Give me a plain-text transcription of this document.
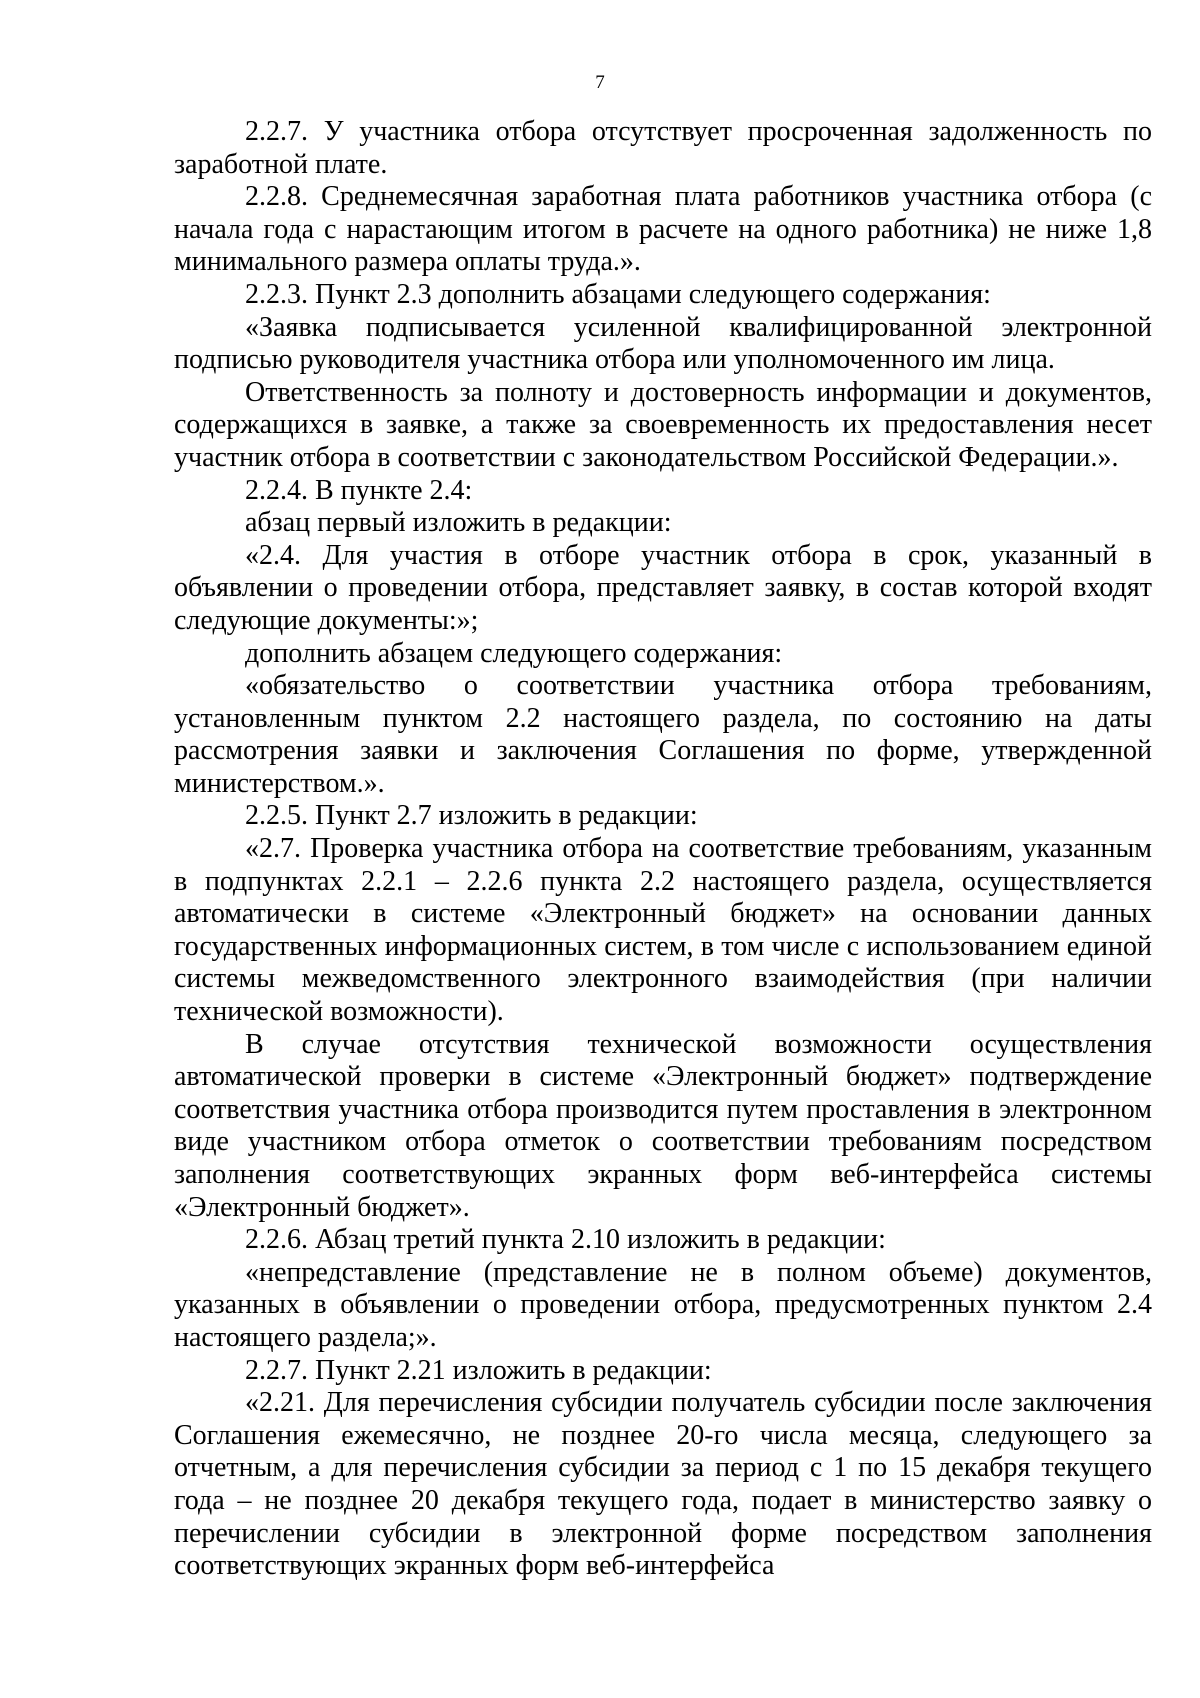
7

2.2.7. У участника отбора отсутствует просроченная задолженность по заработной плате.

2.2.8. Среднемесячная заработная плата работников участника отбора (с начала года с нарастающим итогом в расчете на одного работника) не ниже 1,8 минимального размера оплаты труда.».

2.2.3. Пункт 2.3 дополнить абзацами следующего содержания:

«Заявка подписывается усиленной квалифицированной электронной подписью руководителя участника отбора или уполномоченного им лица.

Ответственность за полноту и достоверность информации и документов, содержащихся в заявке, а также за своевременность их предоставления несет участник отбора в соответствии с законодательством Российской Федерации.».

2.2.4. В пункте 2.4:

абзац первый изложить в редакции:

«2.4. Для участия в отборе участник отбора в срок, указанный в объявлении о проведении отбора, представляет заявку, в состав которой входят следующие документы:»;

дополнить абзацем следующего содержания:

«обязательство о соответствии участника отбора требованиям, установленным пунктом 2.2 настоящего раздела, по состоянию на даты рассмотрения заявки и заключения Соглашения по форме, утвержденной министерством.».

2.2.5. Пункт 2.7 изложить в редакции:

«2.7. Проверка участника отбора на соответствие требованиям, указанным в подпунктах 2.2.1 – 2.2.6 пункта 2.2 настоящего раздела, осуществляется автоматически в системе «Электронный бюджет» на основании данных государственных информационных систем, в том числе с использованием единой системы межведомственного электронного взаимодействия (при наличии технической возможности).

В случае отсутствия технической возможности осуществления автоматической проверки в системе «Электронный бюджет» подтверждение соответствия участника отбора производится путем проставления в электронном виде участником отбора отметок о соответствии требованиям посредством заполнения соответствующих экранных форм веб-интерфейса системы «Электронный бюджет».

2.2.6. Абзац третий пункта 2.10 изложить в редакции:

«непредставление (представление не в полном объеме) документов, указанных в объявлении о проведении отбора, предусмотренных пунктом 2.4 настоящего раздела;».

2.2.7. Пункт 2.21 изложить в редакции:

«2.21. Для перечисления субсидии получатель субсидии после заключения Соглашения ежемесячно, не позднее 20-го числа месяца, следующего за отчетным, а для перечисления субсидии за период с 1 по 15 декабря текущего года – не позднее 20 декабря текущего года, подает в министерство заявку о перечислении субсидии в электронной форме посредством заполнения соответствующих экранных форм веб-интерфейса
